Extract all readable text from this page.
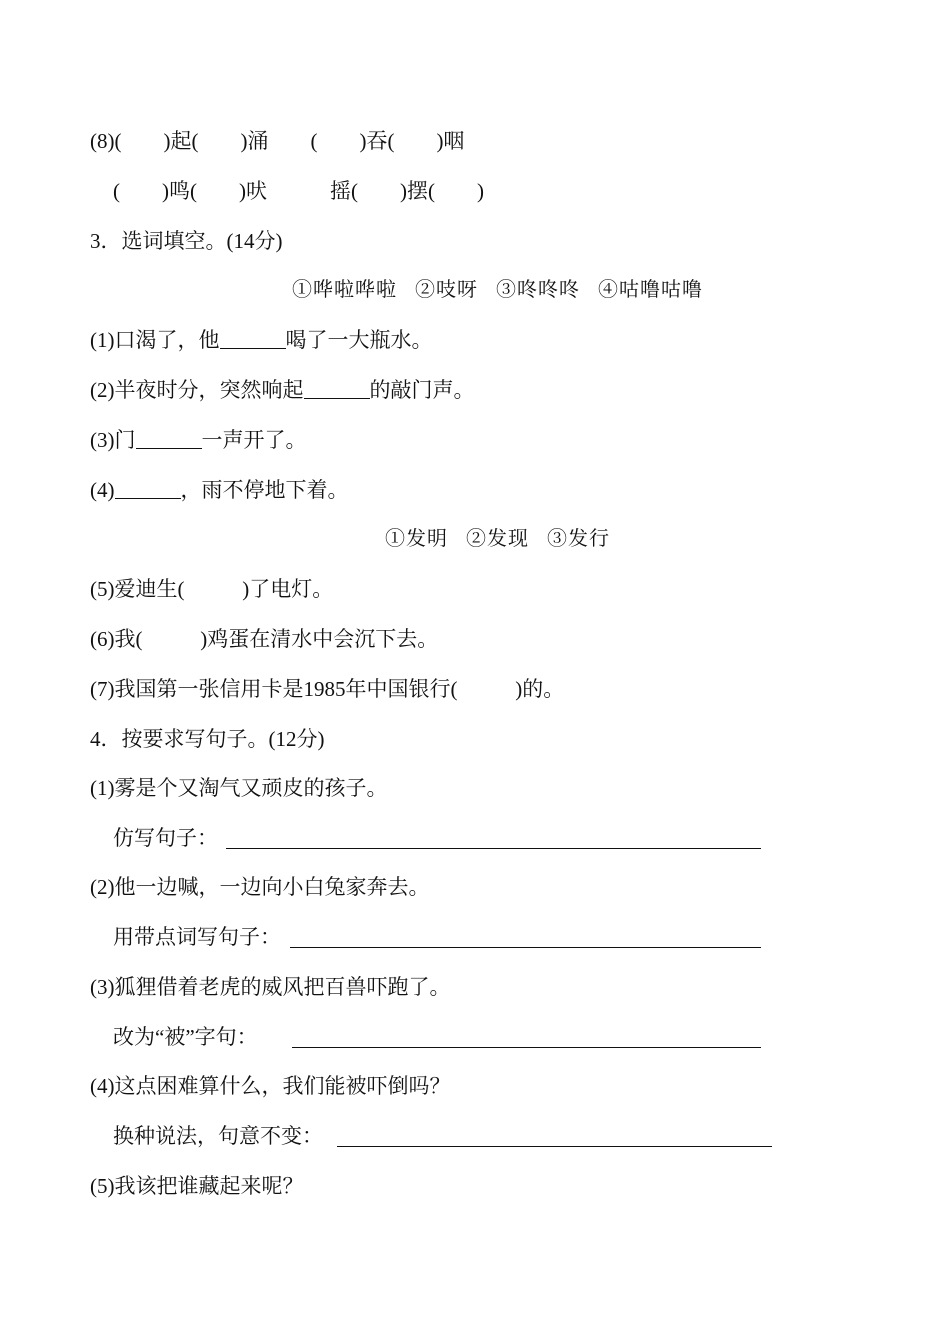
(8)(        )起(        )涌        (        )吞(        )咽
(        )鸣(        )吠            摇(        )摆(        )
3．选词填空。(14分)
①哗啦哗啦   ②吱呀   ③咚咚咚   ④咕噜咕噜
(1)口渴了，他	喝了一大瓶水。
(2)半夜时分，突然响起	的敲门声。
(3)门	一声开了。
(4)	，雨不停地下着。
①发明   ②发现   ③发行
(5)爱迪生(           )了电灯。
(6)我(           )鸡蛋在清水中会沉下去。
(7)我国第一张信用卡是1985年中国银行(           )的。
4．按要求写句子。(12分)
(1)雾是个又淘气又顽皮的孩子。
仿写句子：
(2)他一边喊，一边向小白兔家奔去。
用带点词写句子：
(3)狐狸借着老虎的威风把百兽吓跑了。
改为“被”字句：
(4)这点困难算什么，我们能被吓倒吗？
换种说法，句意不变：
(5)我该把谁藏起来呢？
